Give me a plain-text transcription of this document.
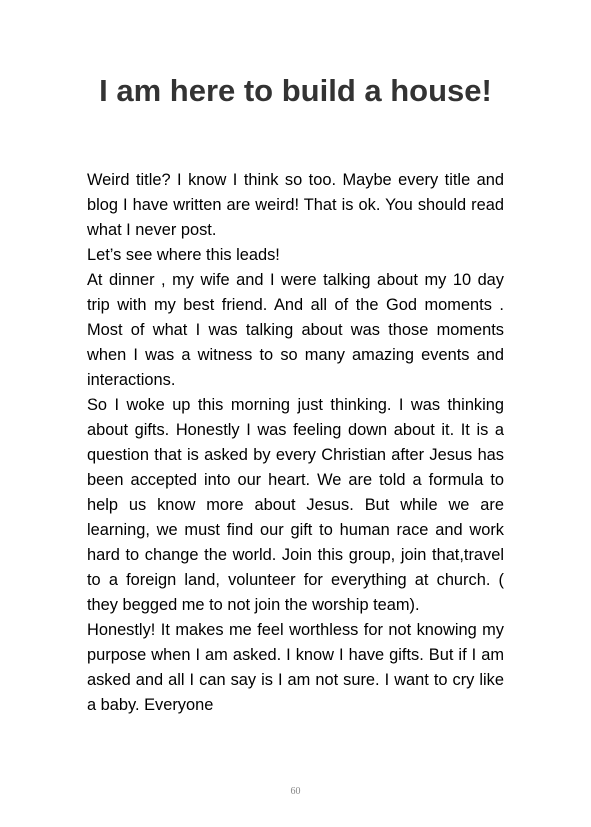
I am here to build a house!

Weird title? I know I think so too. Maybe every title and blog I have written are weird! That is ok. You should read what I never post.

Let’s see where this leads!

At dinner , my wife and I were talking about my 10 day trip with my best friend. And all of the God moments . Most of what I was talking about was those moments when I was a witness to so many amazing events and interactions.

So I woke up this morning just thinking. I was thinking about gifts. Honestly I was feeling down about it. It is a question that is asked by every Christian after Jesus has been accepted into our heart. We are told a formula to help us know more about Jesus. But while we are learning, we must find our gift to human race and work hard to change the world. Join this group, join that,travel to a foreign land, volunteer for everything at church. ( they begged me to not join the worship team).

Honestly! It makes me feel worthless for not knowing my purpose when I am asked. I know I have gifts. But if I am asked and all I can say is I am not sure. I want to cry like a baby. Everyone

60
